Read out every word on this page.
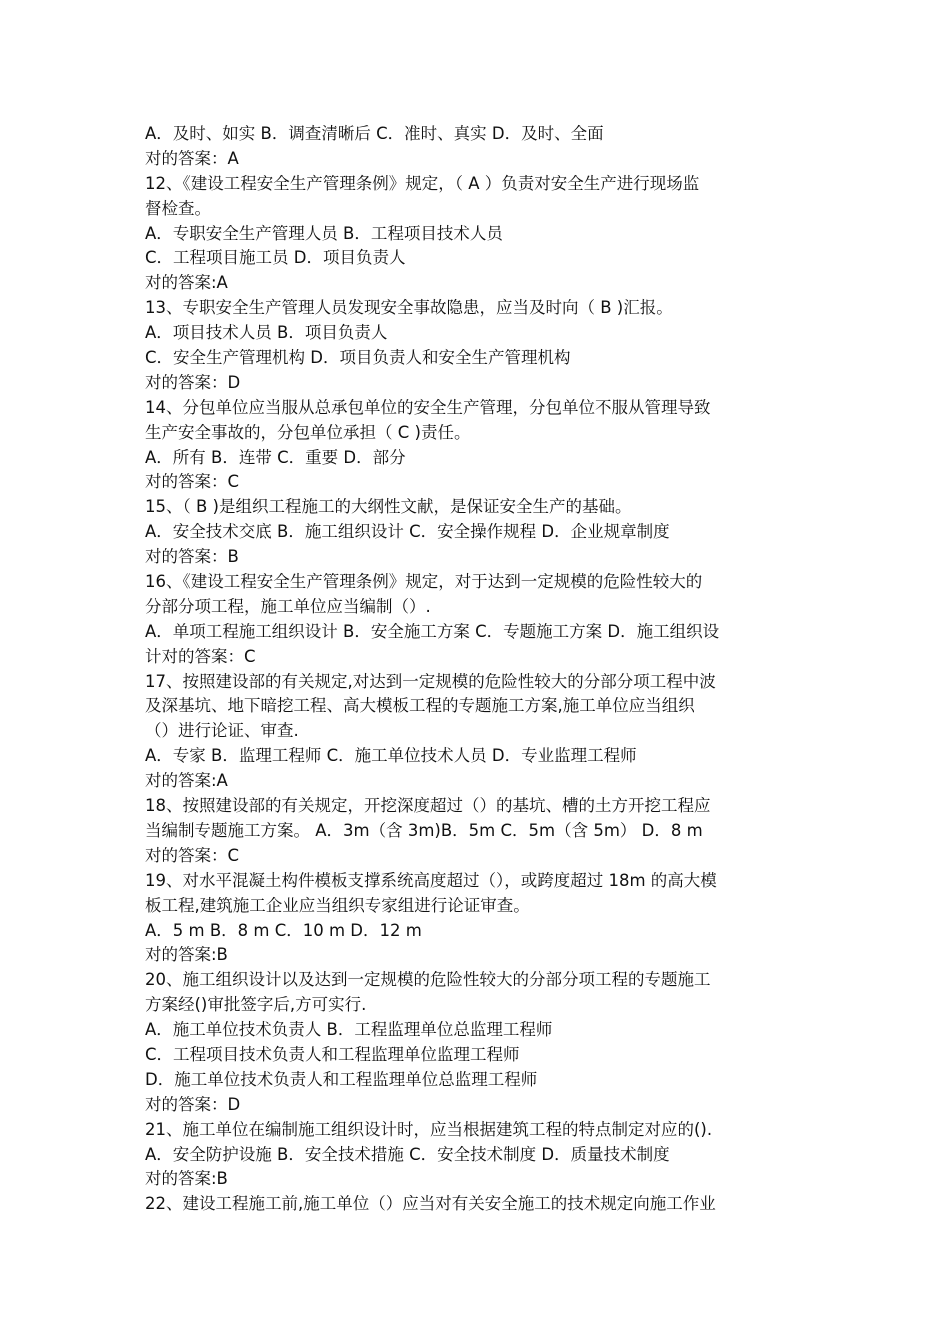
A．及时、如实 B．调查清晰后 C．准时、真实 D．及时、全面
对的答案：A
12、《建设工程安全生产管理条例》规定，（ A ）负责对安全生产进行现场监
督检查。
A．专职安全生产管理人员 B．工程项目技术人员
C．工程项目施工员 D．项目负责人
对的答案:A
13、专职安全生产管理人员发现安全事故隐患，应当及时向（ B )汇报。
A．项目技术人员 B．项目负责人
C．安全生产管理机构 D．项目负责人和安全生产管理机构
对的答案：D
14、分包单位应当服从总承包单位的安全生产管理，分包单位不服从管理导致
生产安全事故的，分包单位承担（ C )责任。
A．所有 B．连带 C．重要 D．部分
对的答案：C
15、（ B )是组织工程施工的大纲性文献，是保证安全生产的基础。
A．安全技术交底 B．施工组织设计 C．安全操作规程 D．企业规章制度
对的答案：B
16、《建设工程安全生产管理条例》规定，对于达到一定规模的危险性较大的
分部分项工程，施工单位应当编制（）.
A．单项工程施工组织设计 B．安全施工方案 C．专题施工方案 D．施工组织设
计对的答案：C
17、按照建设部的有关规定,对达到一定规模的危险性较大的分部分项工程中波
及深基坑、地下暗挖工程、高大模板工程的专题施工方案,施工单位应当组织
（）进行论证、审查.
A．专家 B．监理工程师 C．施工单位技术人员 D．专业监理工程师
对的答案:A
18、按照建设部的有关规定，开挖深度超过（）的基坑、槽的土方开挖工程应
当编制专题施工方案。 A．3m（含 3m)B．5m C．5m（含 5m） D．8 m
对的答案：C
19、对水平混凝土构件模板支撑系统高度超过（），或跨度超过 18m 的高大模
板工程,建筑施工企业应当组织专家组进行论证审查。
A．5 m B．8 m C．10 m D．12 m
对的答案:B
20、施工组织设计以及达到一定规模的危险性较大的分部分项工程的专题施工
方案经()审批签字后,方可实行.
A．施工单位技术负责人 B．工程监理单位总监理工程师
C．工程项目技术负责人和工程监理单位监理工程师
D．施工单位技术负责人和工程监理单位总监理工程师
对的答案：D
21、施工单位在编制施工组织设计时，应当根据建筑工程的特点制定对应的().
A．安全防护设施 B．安全技术措施 C．安全技术制度 D．质量技术制度
对的答案:B
22、建设工程施工前,施工单位（）应当对有关安全施工的技术规定向施工作业
